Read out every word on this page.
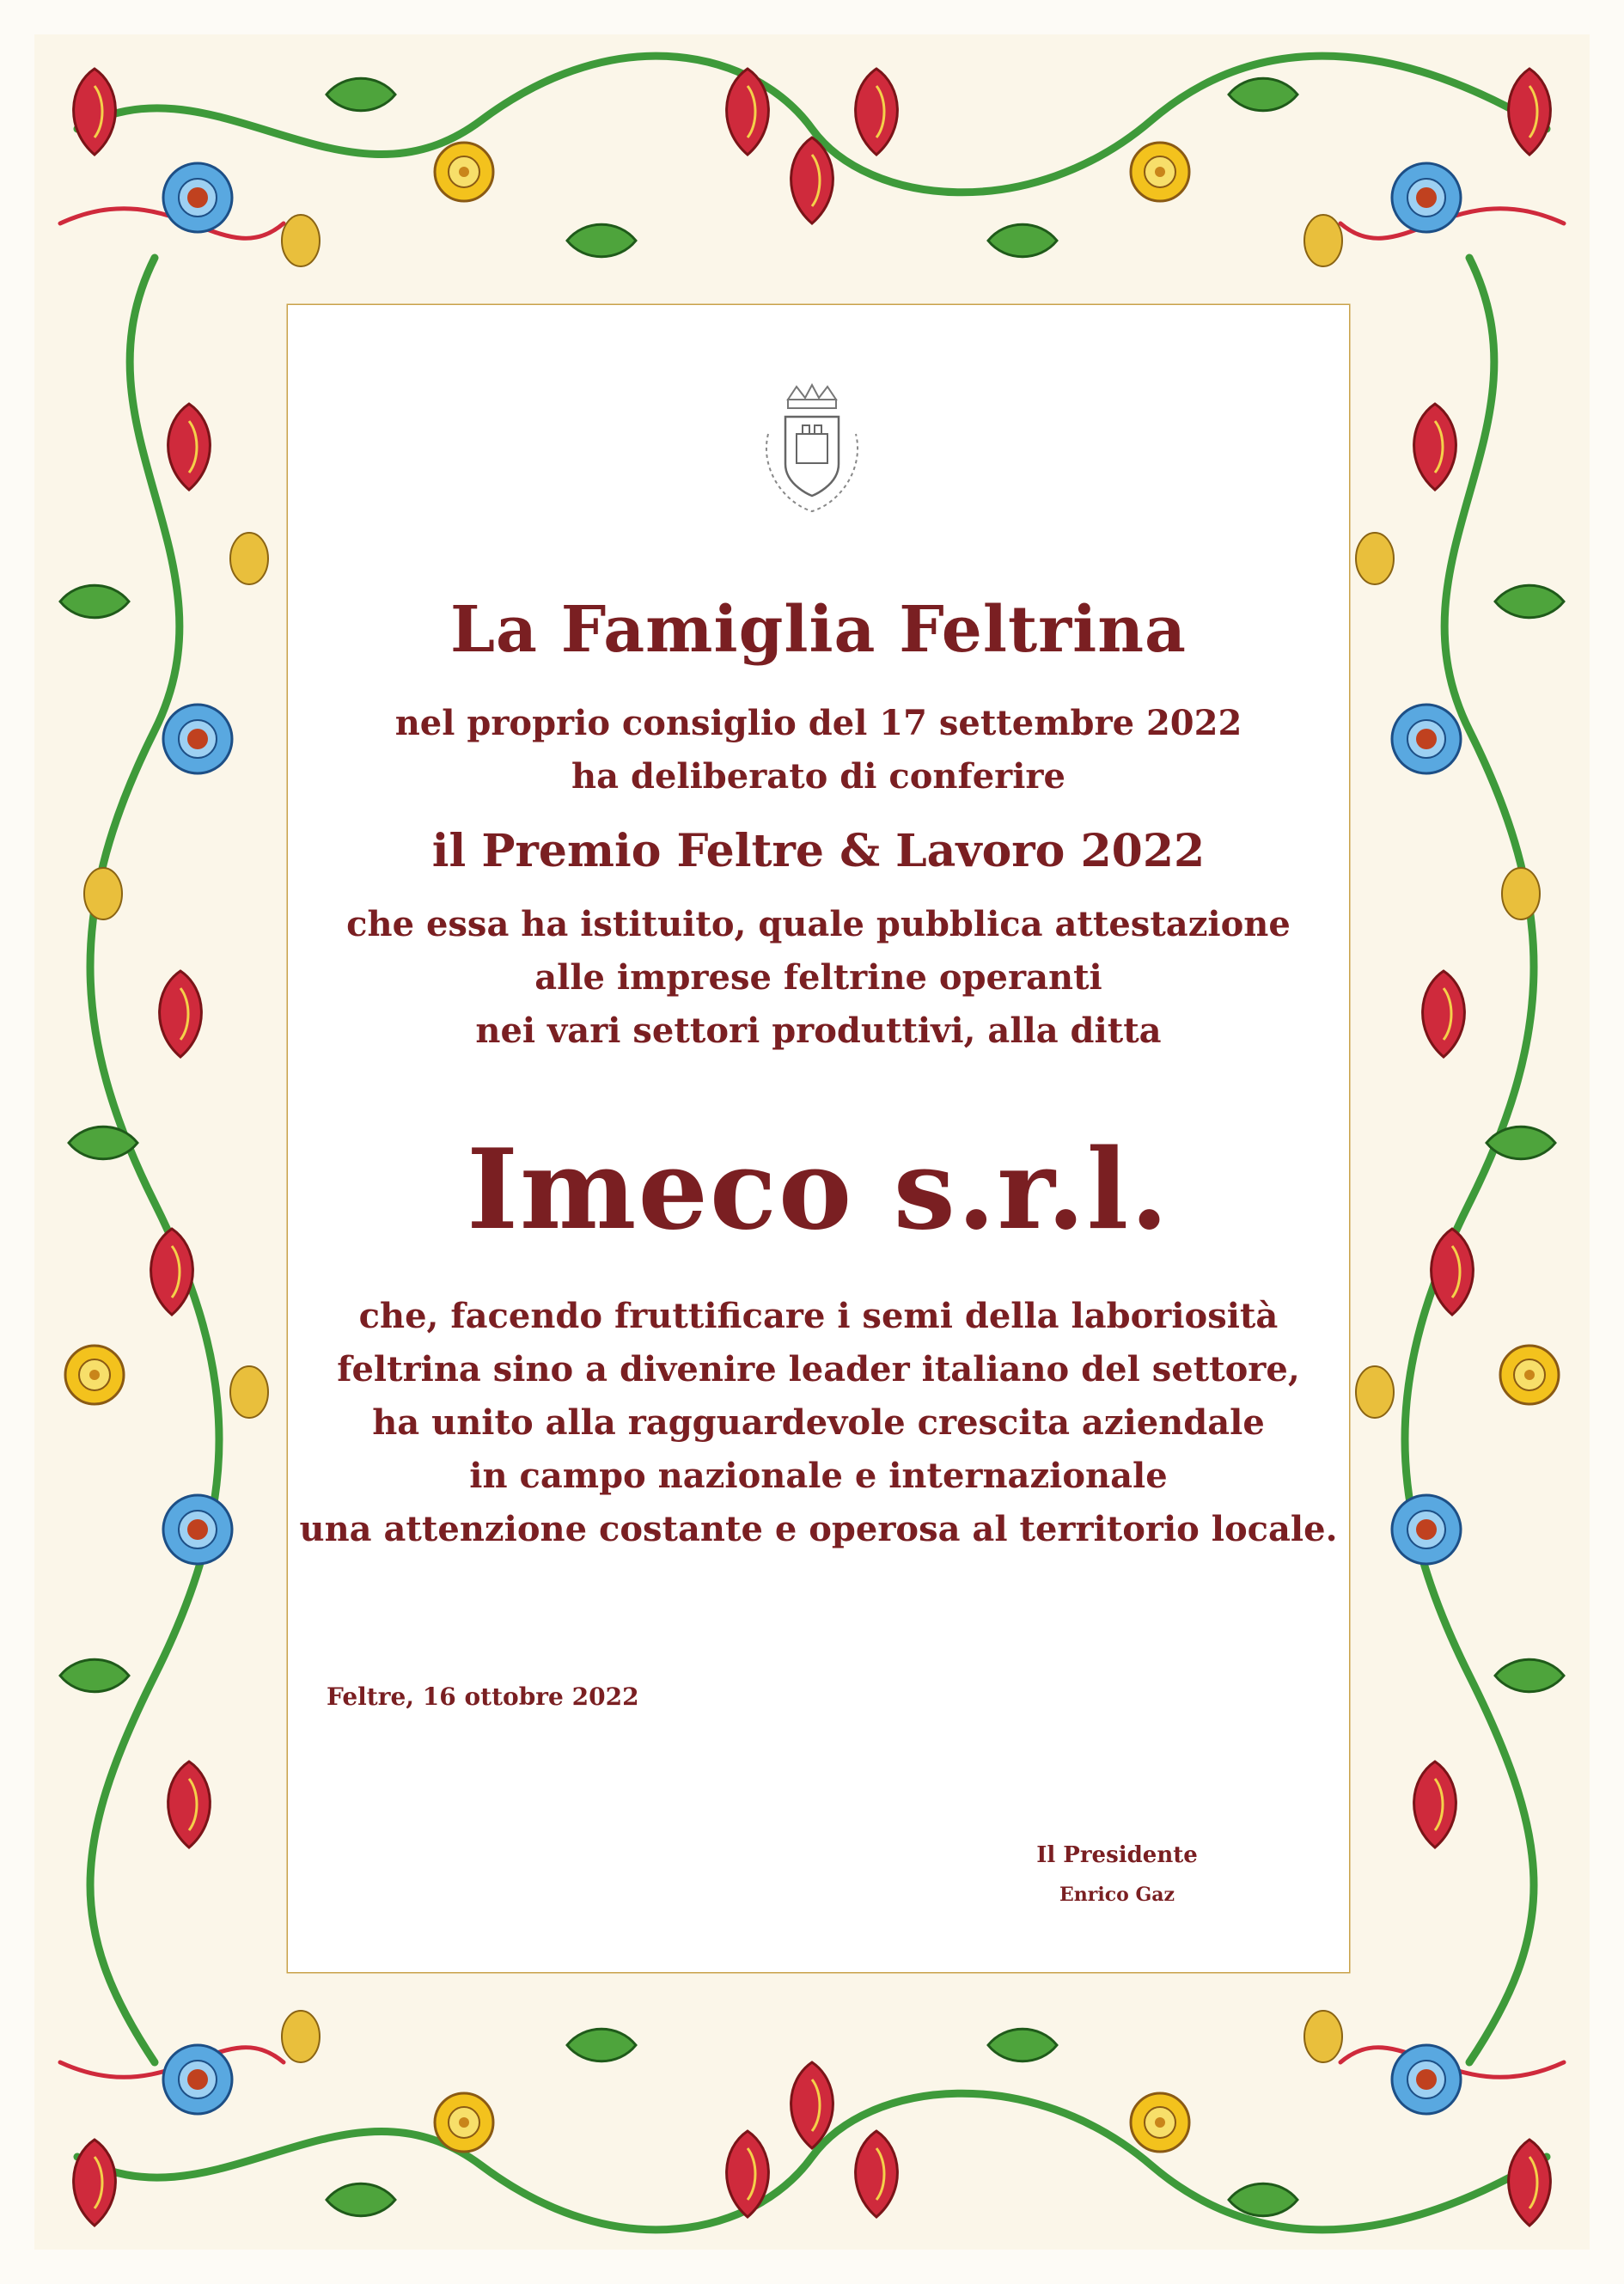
La Famiglia Feltrina
nel proprio consiglio del 17 settembre 2022
ha deliberato di conferire
il Premio Feltre & Lavoro 2022
che essa ha istituito, quale pubblica attestazione
alle imprese feltrine operanti
nei vari settori produttivi, alla ditta
Imeco s.r.l.
che, facendo fruttificare i semi della laboriosità
feltrina sino a divenire leader italiano del settore,
ha unito alla ragguardevole crescita aziendale
in campo nazionale e internazionale
una attenzione costante e operosa al territorio locale.
Feltre, 16 ottobre 2022
Il Presidente
Enrico Gaz
